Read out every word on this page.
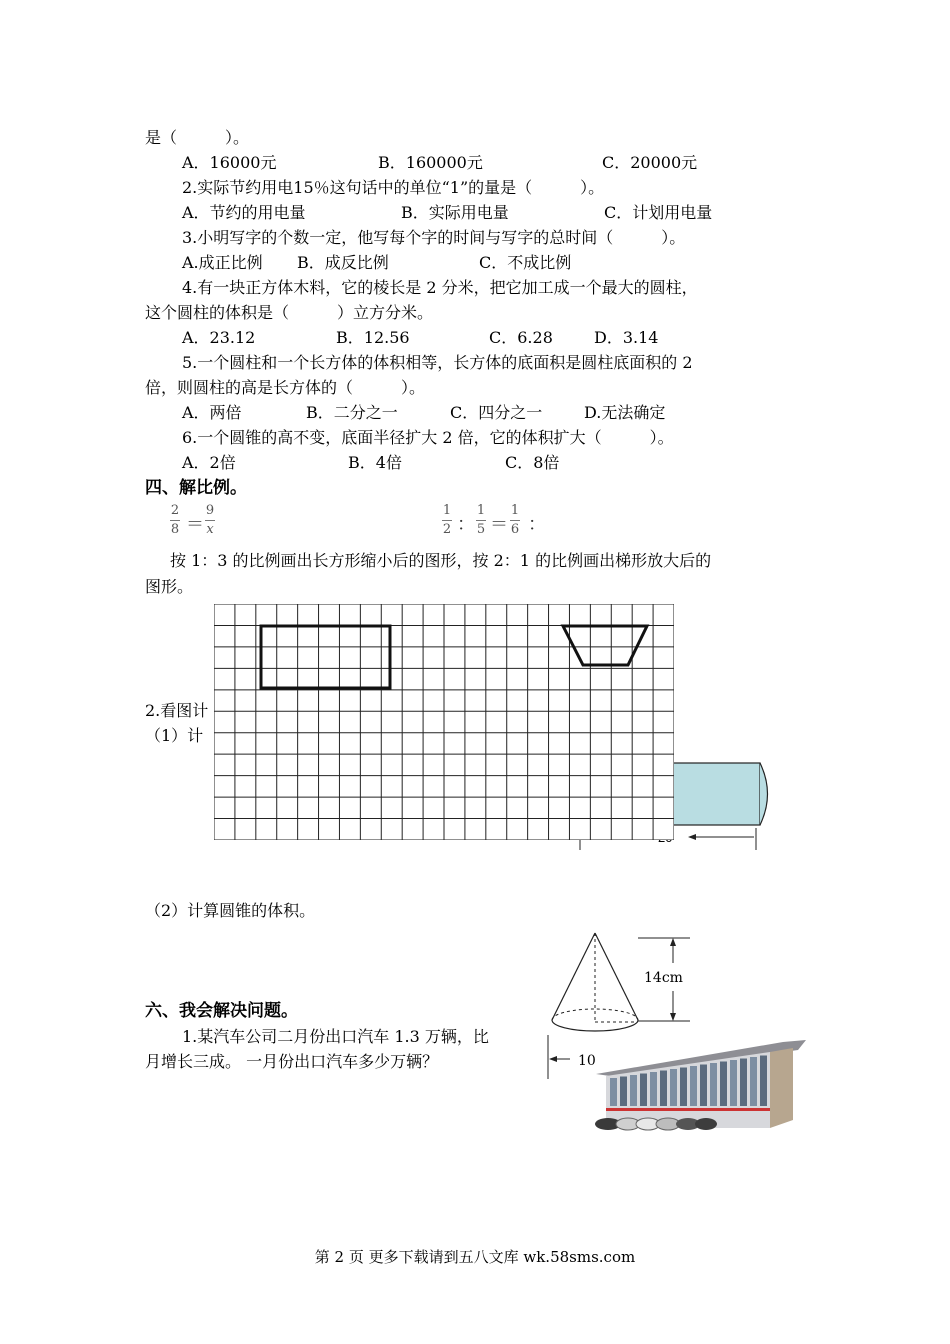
是（　　　）。
A．16000元	B．160000元	C．20000元
2.实际节约用电15％这句话中的单位“1”的量是（　　　）。
A．节约的用电量	B．实际用电量	C．计划用电量
3.小明写字的个数一定，他写每个字的时间与写字的总时间（　　　）。
A.成正比例 B．成反比例	C．不成比例
4.有一块正方体木料，它的棱长是 2 分米，把它加工成一个最大的圆柱，
这个圆柱的体积是（　　　）立方分米。
A．23.12	B．12.56	C．6.28	D．3.14
5.一个圆柱和一个长方体的体积相等，长方体的底面积是圆柱底面积的 2
倍，则圆柱的高是长方体的（　　　）。
A．两倍	B．二分之一	C．四分之一	D.无法确定
6.一个圆锥的高不变，底面半径扩大 2 倍，它的体积扩大（　　　）。
A．2倍	B．4倍	C．8倍
四、解比例。
2
8 ＝
9
x
1
2 ：
1
5 ＝
1
6 ：
按 1：3 的比例画出长方形缩小后的图形，按 2：1 的比例画出梯形放大后的
图形。
2.看图计
（1）计
（2）计算圆锥的体积。
14cm
10
六、我会解决问题。
1.某汽车公司二月份出口汽车 1.3 万辆，比
月增长三成。 一月份出口汽车多少万辆？
第 2 页 更多下载请到五八文库 wk.58sms.com
